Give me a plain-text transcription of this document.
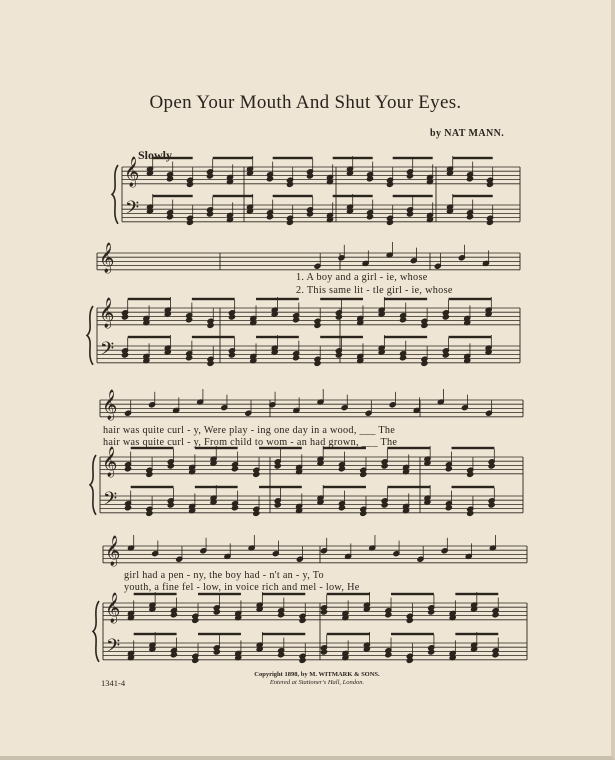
𝄞
𝄢
𝄞
𝄞
𝄢
𝄞
𝄞
𝄢
𝄞
𝄞
𝄢
Open Your Mouth And Shut Your Eyes.
by NAT MANN.
Slowly.
1. A boy and a girl - ie, whose
2. This same lit - tle girl - ie, whose
hair was quite curl - y, Were play - ing one day in a wood, ___ The
hair was quite curl - y, From child to wom - an had grown, ___ The
girl had a pen - ny, the boy had - n't an - y, To
youth, a fine fel - low, in voice rich and mel - low, He
1341-4
Copyright 1898, by M. WITMARK & SONS.
Entered at Stationer's Hall, London.
